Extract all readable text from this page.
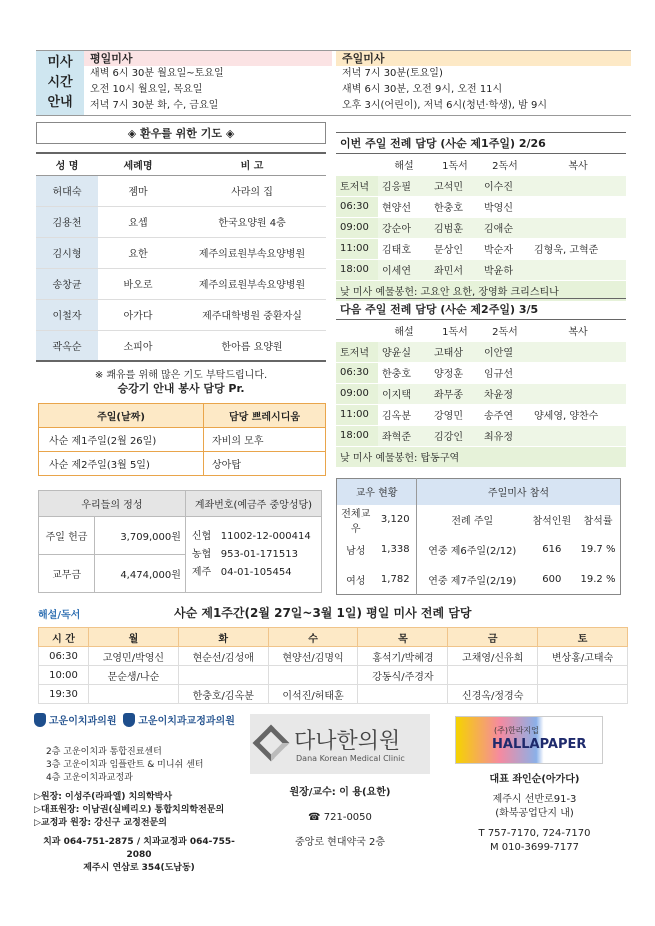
미사
시간
안내
평일미사
새벽 6시 30분 월요일~토요일
오전 10시 월요일, 목요일
저녁 7시 30분 화, 수, 금요일
주일미사
저녁 7시 30분(토요일)
새벽 6시 30분, 오전 9시, 오전 11시
오후 3시(어린이), 저녁 6시(청년·학생), 밤 9시
◈ 환우를 위한 기도 ◈
성 명	세례명	비 고
허대숙	젬마	사라의 집
김용천	요셉	한국요양원 4층
김시형	요한	제주의료원부속요양병원
송창균	바오로	제주의료원부속요양병원
이철자	아가다	제주대학병원 중환자실
곽옥순	소피아	한아름 요양원
※ 쾌유를 위해 많은 기도 부탁드립니다.
승강기 안내 봉사 담당 Pr.
주일(날짜)	담당 쁘레시디움
사순 제1주일(2월 26일)	자비의 모후
사순 제2주일(3월 5일)	상아탑
우리들의 정성		계좌번호(예금주 중앙성당)
주일 헌금	3,709,000원	신협 11002-12-000414
농협 953-01-171513
제주 04-01-105454

교무금	4,474,000원	
이번 주일 전례 담당 (사순 제1주일) 2/26
	해설	1독서	2독서	복사
토저녁	김응필	고석민	이수진	
06:30	현양선	한충호	박영신	
09:00	강순아	김범훈	김애순	
11:00	김태호	문상인	박순자	김형욱, 고혁준
18:00	이세연	좌민서	박윤하	
낮 미사 예물봉헌: 고요안 요한, 장영화 크리스티나				
다음 주일 전례 담당 (사순 제2주일) 3/5
	해설	1독서	2독서	복사
토저녁	양윤실	고태삼	이안열	
06:30	한충호	양정훈	임규선	
09:00	이지택	좌무종	차윤정	
11:00	김옥분	강영민	송주연	양세영, 양찬수
18:00	좌혁준	김강인	최유정	
낮 미사 예물봉헌: 탑동구역				
교우 현황		주일미사 참석		
전체교우	3,120	전례 주일	참석인원	참석률
남성	1,338	연중 제6주일(2/12)	616	19.7 %
여성	1,782	연중 제7주일(2/19)	600	19.2 %
해설/독서	사순 제1주간(2월 27일~3월 1일) 평일 미사 전례 담당
시 간	월	화	수	목	금	토
06:30	고영민/박영신	현순선/김성애	현양선/김명익	홍석기/박혜경	고채영/신유희	변상홍/고태숙
10:00	문순생/나순			강동식/주경자		
19:30		한충호/김옥분	이석진/허태훈		신경옥/정경숙	
고운이치과의원 고운이치과교정과의원
2층 고운이치과 통합진료센터
3층 고운이치과 임플란트 & 미니쉬 센터
4층 고운이치과교정과
▷원장: 이성주(라파엘) 치의학박사
▷대표원장: 이남권(실베리오) 통합치의학전문의
▷교정과 원장: 강신구 교정전문의
치과 064-751-2875 / 치과교정과 064-755-2080
제주시 연삼로 354(도남동)
다나한의원
Dana Korean Medical Clinic
원장/교수: 이 용(요한)
☎ 721-0050
중앙로 현대약국 2층
(주)한라지업
HALLAPAPER
대표 좌인순(아가다)
제주시 선반로91-3
(화북공업단지 내)
T 757-7170, 724-7170
M 010-3699-7177
